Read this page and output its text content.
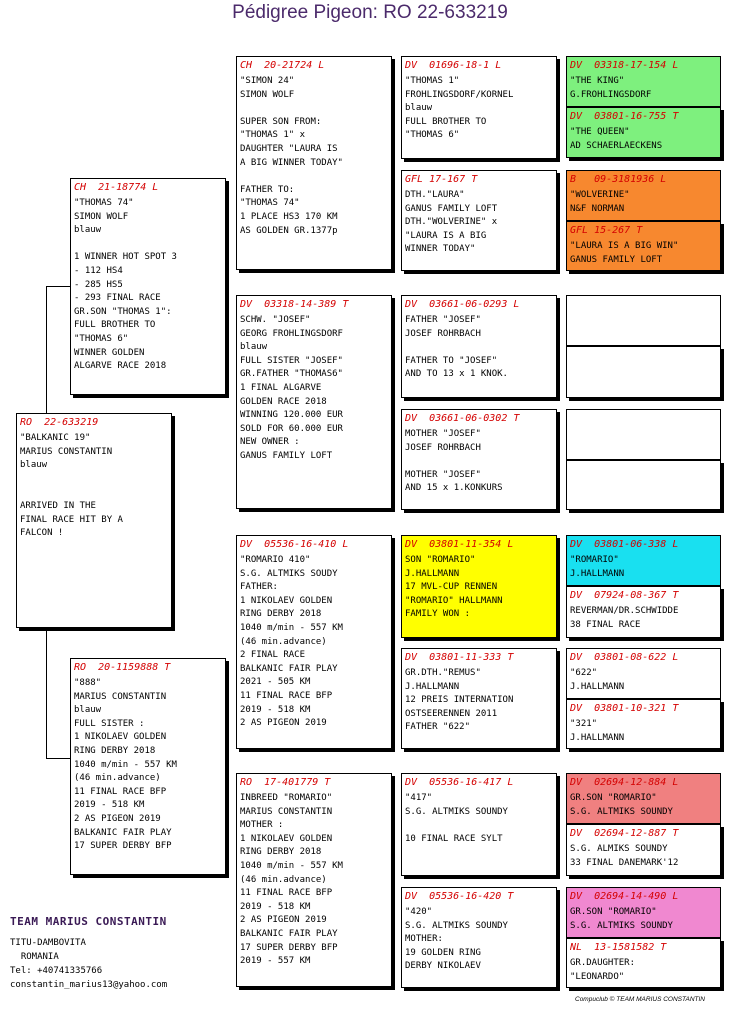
Pédigree Pigeon: RO 22-633219
RO  22-633219
"BALKANIC 19"
MARIUS CONSTANTIN
blauw

ARRIVED IN THE
FINAL RACE HIT BY A
FALCON !
CH  21-18774 L
"THOMAS 74"
SIMON WOLF
blauw

1 WINNER HOT SPOT 3
- 112 HS4
- 285 HS5
- 293 FINAL RACE
GR.SON "THOMAS 1":
FULL BROTHER TO
"THOMAS 6"
WINNER GOLDEN
ALGARVE RACE 2018
RO  20-1159888 T
"888"
MARIUS CONSTANTIN
blauw
FULL SISTER :
1 NIKOLAEV GOLDEN
RING DERBY 2018
1040 m/min - 557 KM
(46 min.advance)
11 FINAL RACE BFP
2019 - 518 KM
2 AS PIGEON 2019
BALKANIC FAIR PLAY
17 SUPER DERBY BFP
CH  20-21724 L
"SIMON 24"
SIMON WOLF

SUPER SON FROM:
"THOMAS 1" x
DAUGHTER "LAURA IS
A BIG WINNER TODAY"

FATHER TO:
"THOMAS 74"
1 PLACE HS3 170 KM
AS GOLDEN GR.1377p
DV  03318-14-389 T
SCHW. "JOSEF"
GEORG FROHLINGSDORF
blauw
FULL SISTER "JOSEF"
GR.FATHER "THOMAS6"
1 FINAL ALGARVE
GOLDEN RACE 2018
WINNING 120.000 EUR
SOLD FOR 60.000 EUR
NEW OWNER :
GANUS FAMILY LOFT
DV  05536-16-410 L
"ROMARIO 410"
S.G. ALTMIKS SOUDY
FATHER:
1 NIKOLAEV GOLDEN
RING DERBY 2018
1040 m/min - 557 KM
(46 min.advance)
2 FINAL RACE
BALKANIC FAIR PLAY
2021 - 505 KM
11 FINAL RACE BFP
2019 - 518 KM
2 AS PIGEON 2019
RO  17-401779 T
INBREED "ROMARIO"
MARIUS CONSTANTIN
MOTHER :
1 NIKOLAEV GOLDEN
RING DERBY 2018
1040 m/min - 557 KM
(46 min.advance)
11 FINAL RACE BFP
2019 - 518 KM
2 AS PIGEON 2019
BALKANIC FAIR PLAY
17 SUPER DERBY BFP
2019 - 557 KM
DV  01696-18-1 L
"THOMAS 1"
FROHLINGSDORF/KORNEL
blauw
FULL BROTHER TO
"THOMAS 6"
GFL 17-167 T
DTH."LAURA"
GANUS FAMILY LOFT
DTH."WOLVERINE" x
"LAURA IS A BIG
WINNER TODAY"
DV  03661-06-0293 L
FATHER "JOSEF"
JOSEF ROHRBACH

FATHER TO "JOSEF"
AND TO 13 x 1 KNOK.
DV  03661-06-0302 T
MOTHER "JOSEF"
JOSEF ROHRBACH

MOTHER "JOSEF"
AND 15 x 1.KONKURS
DV  03801-11-354 L
SON "ROMARIO"
J.HALLMANN
17 MVL-CUP RENNEN
"ROMARIO" HALLMANN
FAMILY WON :
DV  03801-11-333 T
GR.DTH."REMUS"
J.HALLMANN
12 PREIS INTERNATION
OSTSEERENNEN 2011
FATHER "622"
DV  05536-16-417 L
"417"
S.G. ALTMIKS SOUNDY

10 FINAL RACE SYLT
DV  05536-16-420 T
"420"
S.G. ALTMIKS SOUNDY
MOTHER:
19 GOLDEN RING
DERBY NIKOLAEV
DV  03318-17-154 L
"THE KING"
G.FROHLINGSDORF
DV  03801-16-755 T
"THE QUEEN"
AD SCHAERLAECKENS
B   09-3181936 L
"WOLVERINE"
N&F NORMAN
GFL 15-267 T
"LAURA IS A BIG WIN"
GANUS FAMILY LOFT
DV  03801-06-338 L
"ROMARIO"
J.HALLMANN
DV  07924-08-367 T
REVERMAN/DR.SCHWIDDE
38 FINAL RACE
DV  03801-08-622 L
"622"
J.HALLMANN
DV  03801-10-321 T
"321"
J.HALLMANN
DV  02694-12-884 L
GR.SON "ROMARIO"
S.G. ALTMIKS SOUNDY
DV  02694-12-887 T
S.G. ALMIKS SOUNDY
33 FINAL DANEMARK'12
DV  02694-14-490 L
GR.SON "ROMARIO"
S.G. ALTMIKS SOUNDY
NL  13-1581582 T
GR.DAUGHTER:
"LEONARDO"
TEAM MARIUS CONSTANTIN
TITU-DAMBOVITA
ROMANIA
Tel: +40741335766
constantin_marius13@yahoo.com
Compuclub © TEAM MARIUS CONSTANTIN
